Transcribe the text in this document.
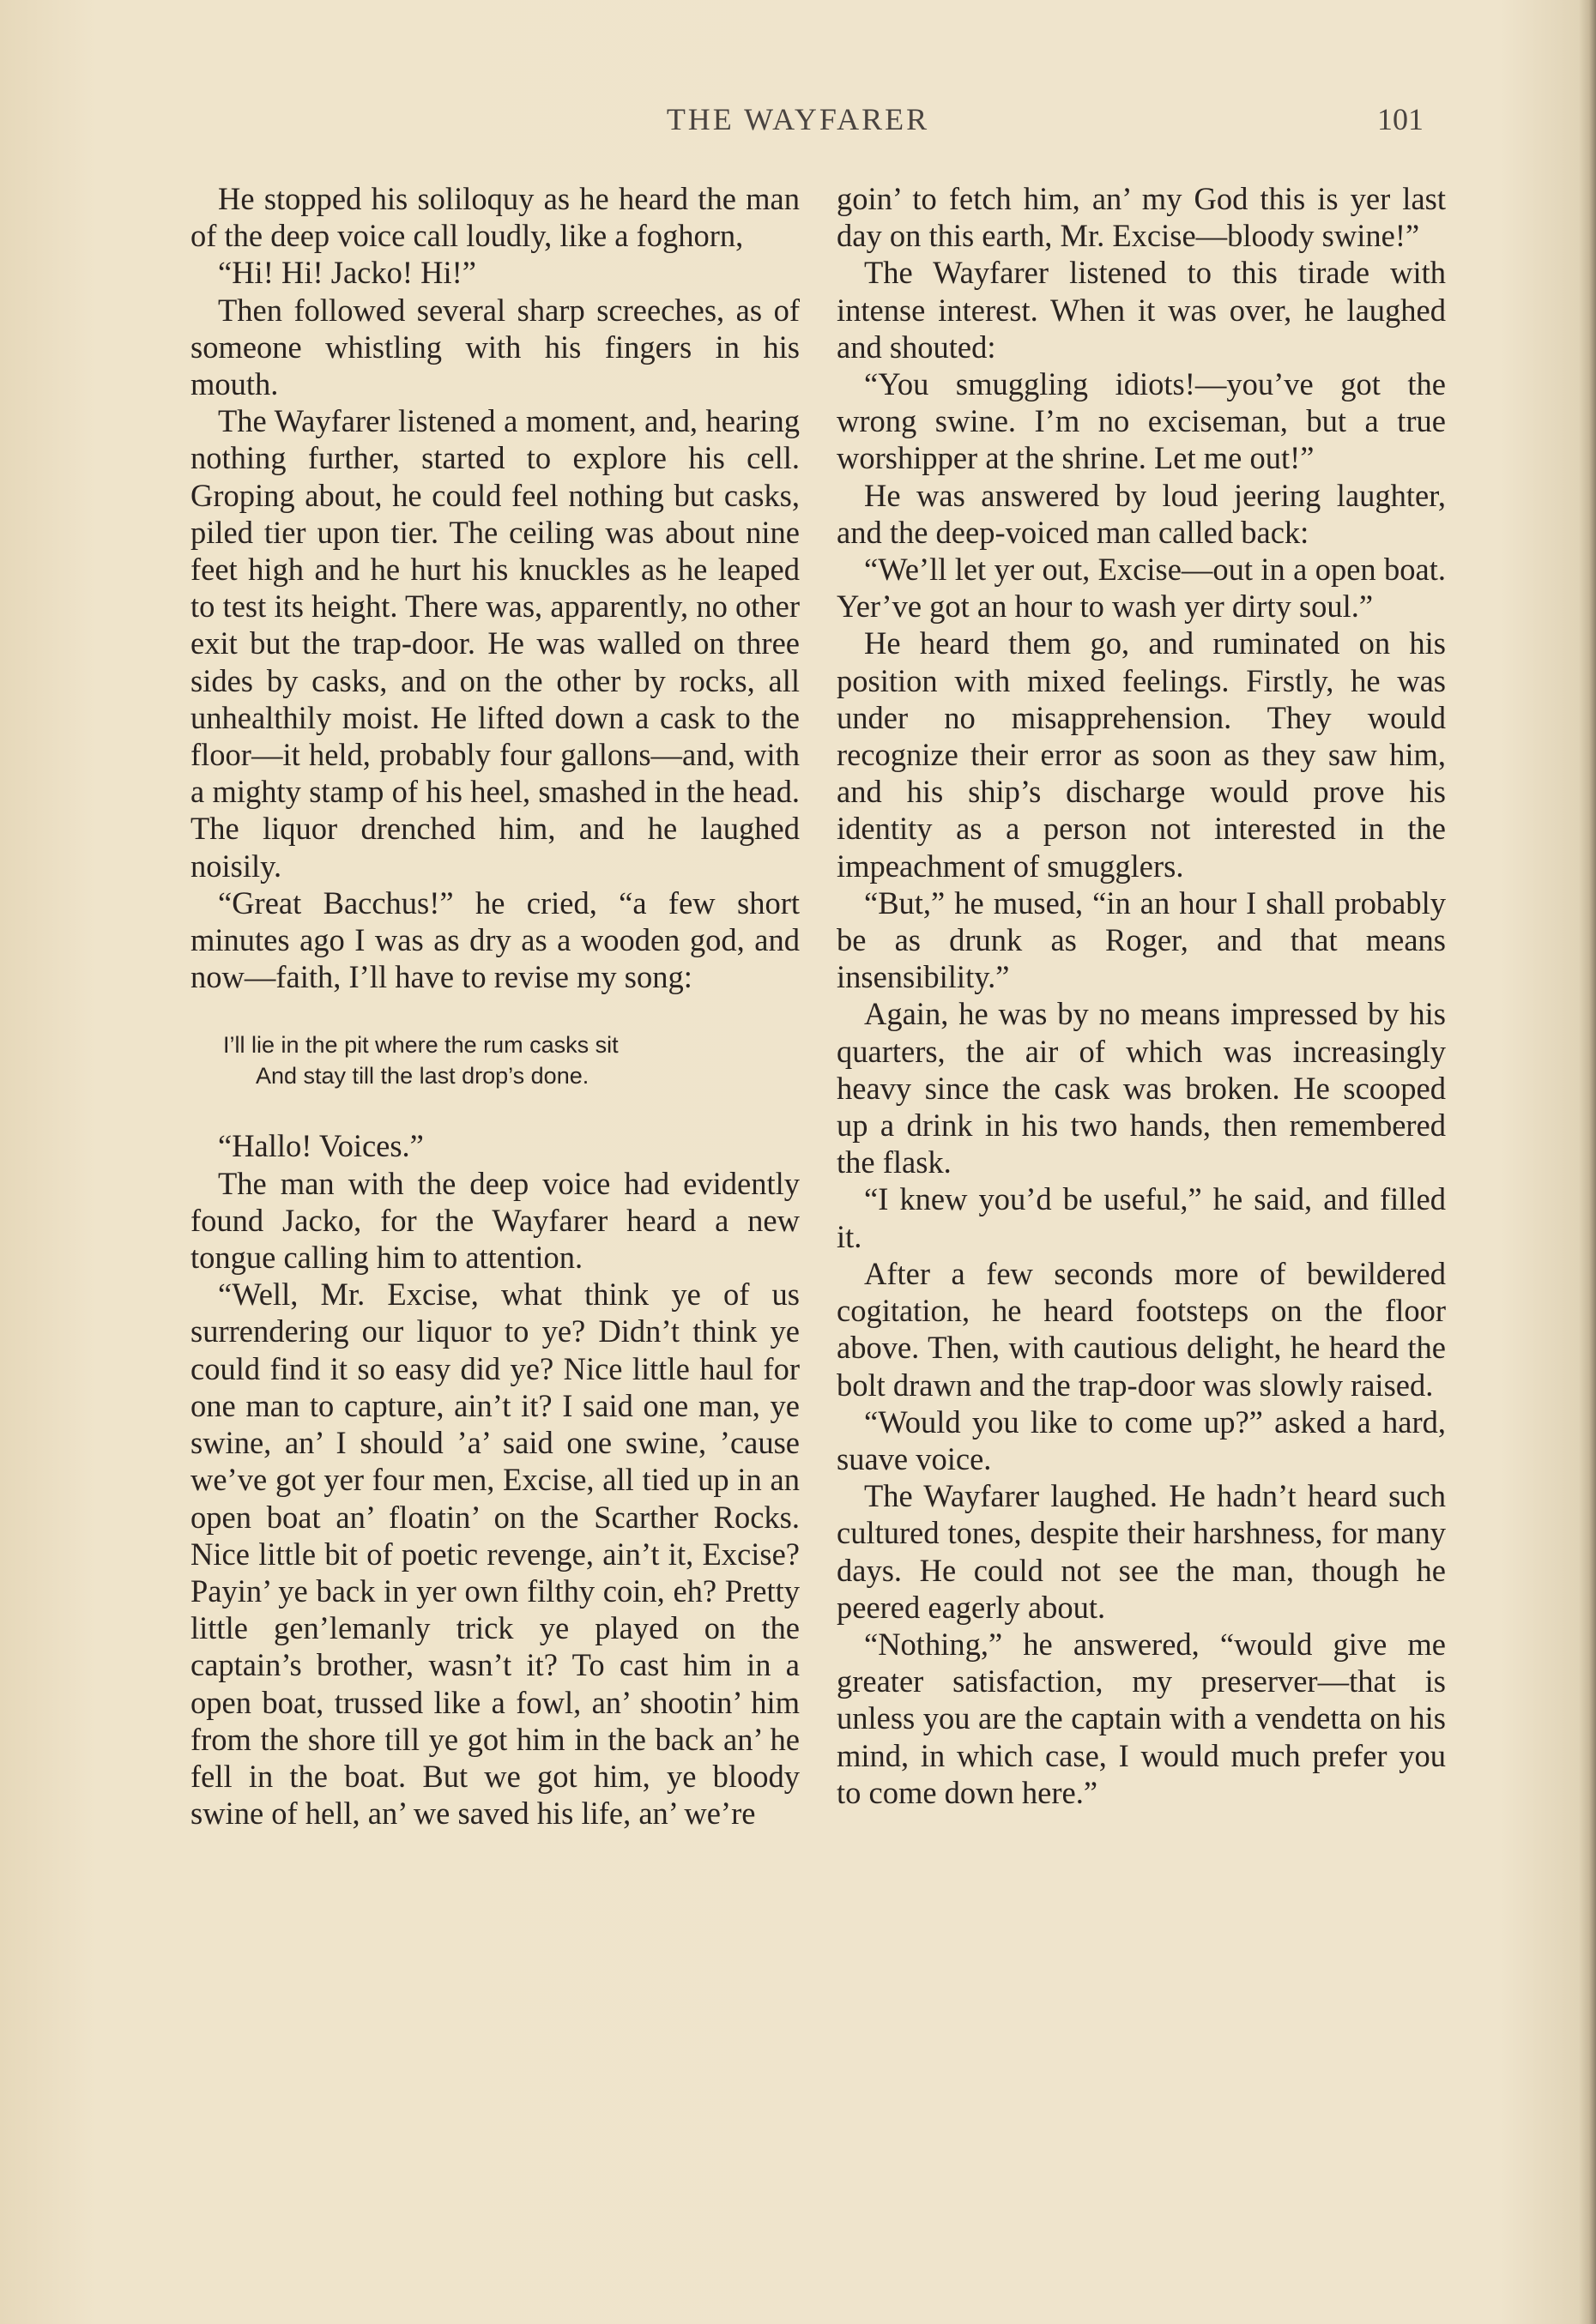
THE WAYFARER	101

He stopped his soliloquy as he heard the man of the deep voice call loudly, like a foghorn,

“Hi! Hi! Jacko! Hi!”

Then followed several sharp screeches, as of someone whistling with his fingers in his mouth.

The Wayfarer listened a moment, and, hearing nothing further, started to explore his cell. Groping about, he could feel nothing but casks, piled tier upon tier. The ceiling was about nine feet high and he hurt his knuckles as he leaped to test its height. There was, apparently, no other exit but the trap-door. He was walled on three sides by casks, and on the other by rocks, all unhealthily moist. He lifted down a cask to the floor—it held, probably four gallons—and, with a mighty stamp of his heel, smashed in the head. The liquor drenched him, and he laughed noisily.

“Great Bacchus!” he cried, “a few short minutes ago I was as dry as a wooden god, and now—faith, I’ll have to revise my song:

I’ll lie in the pit where the rum casks sit
And stay till the last drop’s done.

“Hallo! Voices.”

The man with the deep voice had evidently found Jacko, for the Wayfarer heard a new tongue calling him to attention.

“Well, Mr. Excise, what think ye of us surrendering our liquor to ye? Didn’t think ye could find it so easy did ye? Nice little haul for one man to capture, ain’t it? I said one man, ye swine, an’ I should ’a’ said one swine, ’cause we’ve got yer four men, Excise, all tied up in an open boat an’ floatin’ on the Scarther Rocks. Nice little bit of poetic revenge, ain’t it, Excise? Payin’ ye back in yer own filthy coin, eh? Pretty little gen’lemanly trick ye played on the captain’s brother, wasn’t it? To cast him in a open boat, trussed like a fowl, an’ shootin’ him from the shore till ye got him in the back an’ he fell in the boat. But we got him, ye bloody swine of hell, an’ we saved his life, an’ we’re

goin’ to fetch him, an’ my God this is yer last day on this earth, Mr. Excise—bloody swine!”

The Wayfarer listened to this tirade with intense interest. When it was over, he laughed and shouted:

“You smuggling idiots!—you’ve got the wrong swine. I’m no exciseman, but a true worshipper at the shrine. Let me out!”

He was answered by loud jeering laughter, and the deep-voiced man called back:

“We’ll let yer out, Excise—out in a open boat. Yer’ve got an hour to wash yer dirty soul.”

He heard them go, and ruminated on his position with mixed feelings. Firstly, he was under no misapprehension. They would recognize their error as soon as they saw him, and his ship’s discharge would prove his identity as a person not interested in the impeachment of smugglers.

“But,” he mused, “in an hour I shall probably be as drunk as Roger, and that means insensibility.”

Again, he was by no means impressed by his quarters, the air of which was increasingly heavy since the cask was broken. He scooped up a drink in his two hands, then remembered the flask.

“I knew you’d be useful,” he said, and filled it.

After a few seconds more of bewildered cogitation, he heard footsteps on the floor above. Then, with cautious delight, he heard the bolt drawn and the trap-door was slowly raised.

“Would you like to come up?” asked a hard, suave voice.

The Wayfarer laughed. He hadn’t heard such cultured tones, despite their harshness, for many days. He could not see the man, though he peered eagerly about.

“Nothing,” he answered, “would give me greater satisfaction, my preserver—that is unless you are the captain with a vendetta on his mind, in which case, I would much prefer you to come down here.”
